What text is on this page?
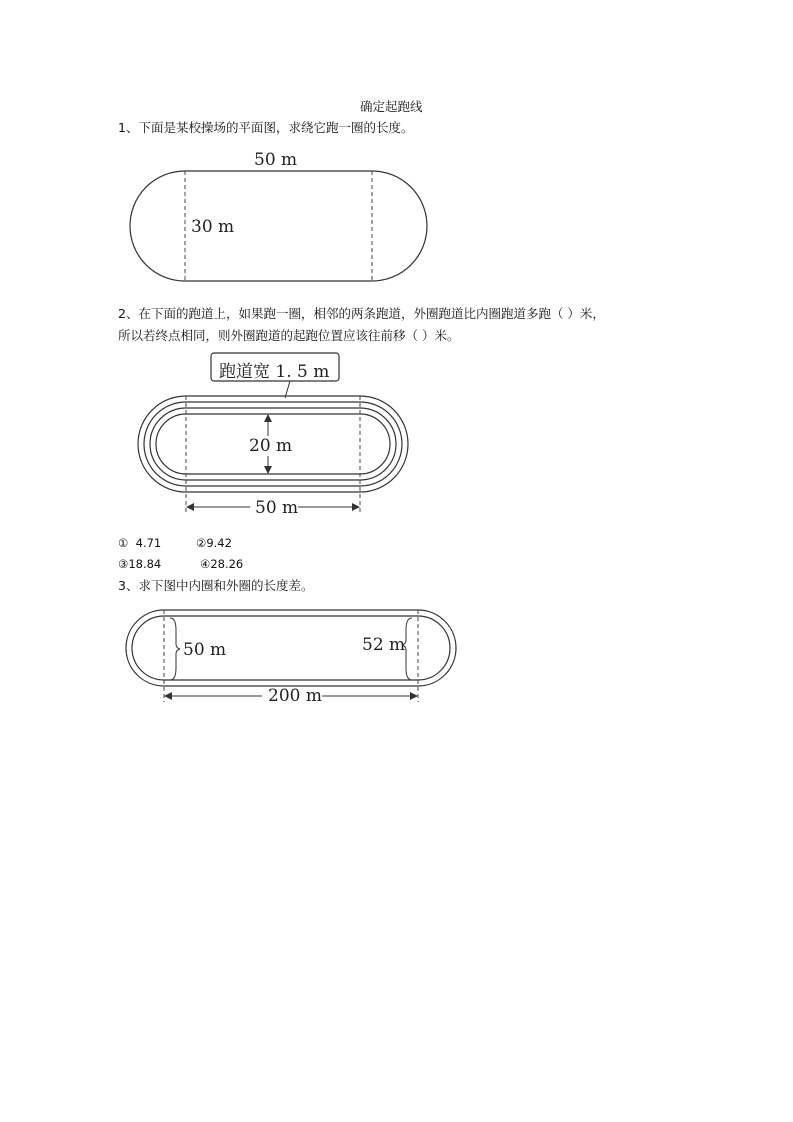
确定起跑线
1、下面是某校操场的平面图，求绕它跑一圈的长度。
50 m
30 m
2、在下面的跑道上，如果跑一圈，相邻的两条跑道，外圈跑道比内圈跑道多跑（ ）米，
所以若终点相同，则外圈跑道的起跑位置应该往前移（ ）米。
跑道宽 1. 5 m
20 m
50 m
① 4.71	②9.42
③18.84	④28.26
3、求下图中内圈和外圈的长度差。
50 m	52 m
200 m
